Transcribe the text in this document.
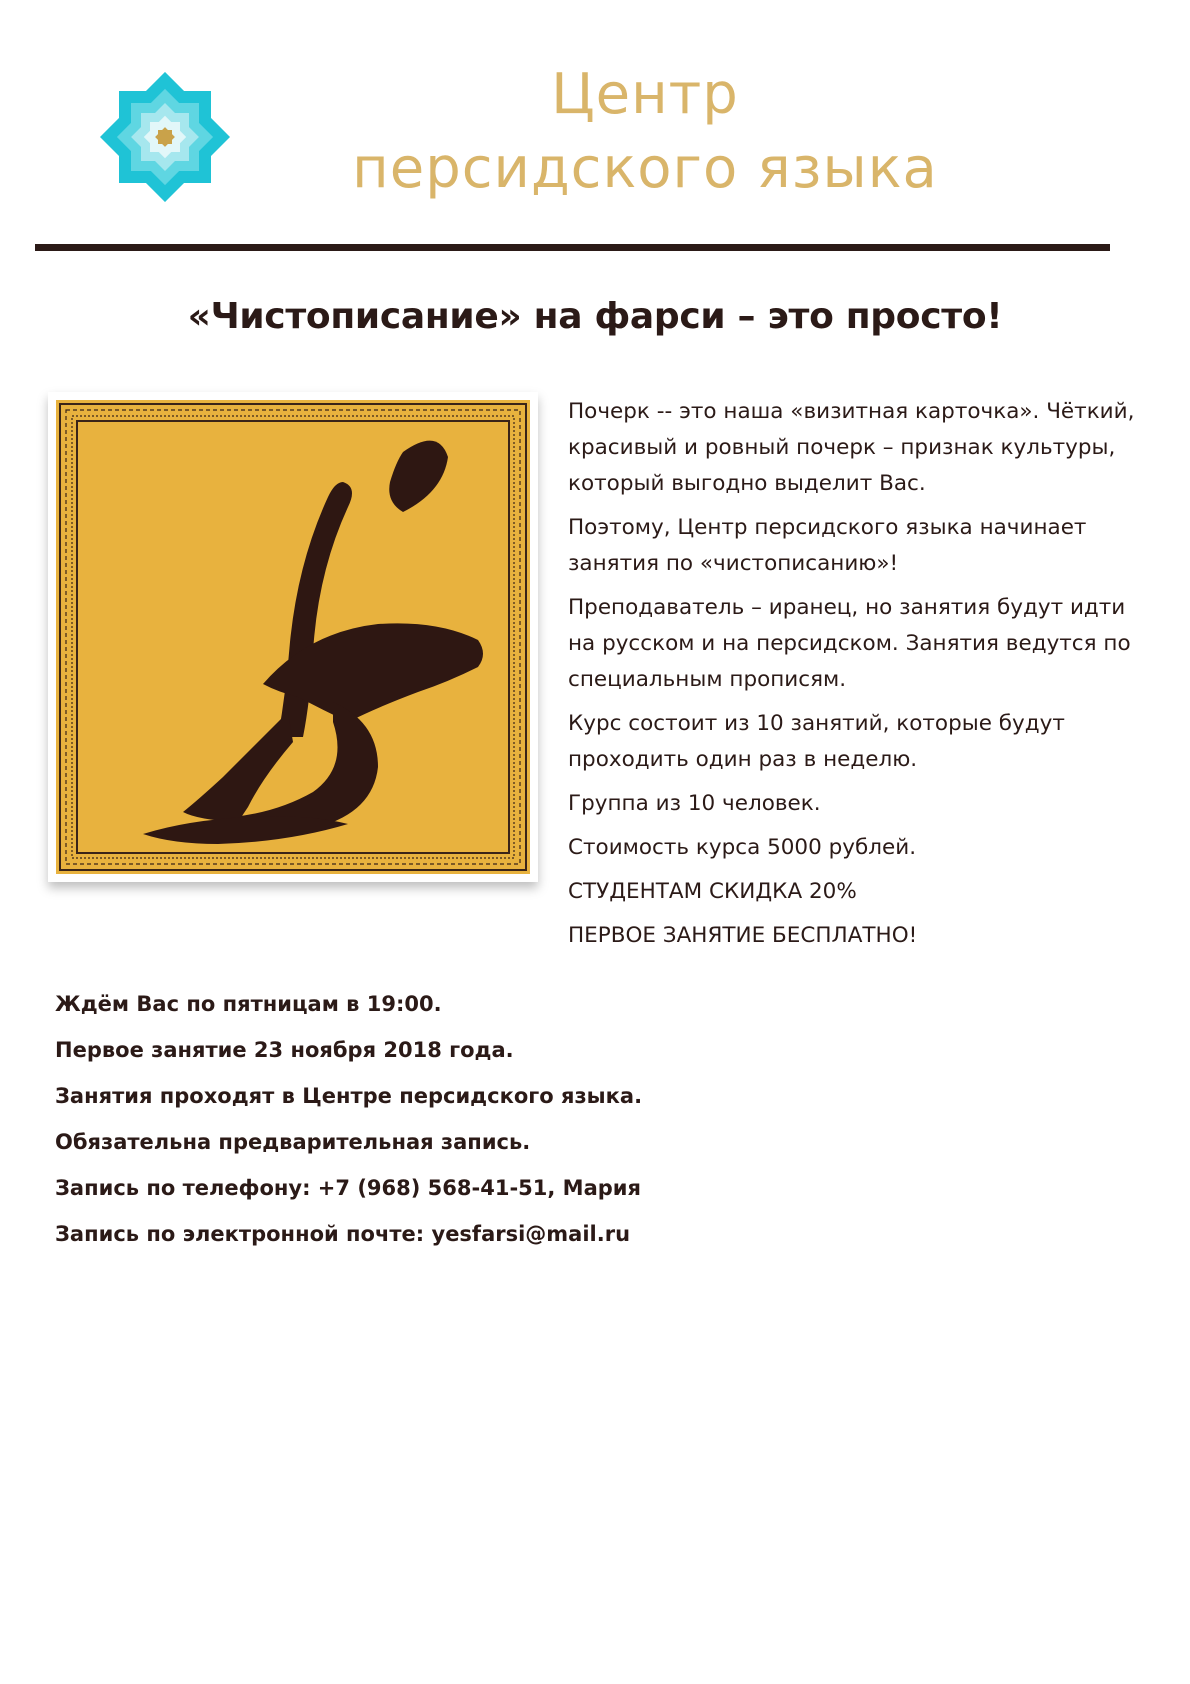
Центр
персидского языка
«Чистописание» на фарси – это просто!

Почерк -- это наша «визитная карточка». Чёткий, красивый и ровный почерк – признак культуры, который выгодно выделит Вас.

Поэтому, Центр персидского языка начинает занятия по «чистописанию»!

Преподаватель – иранец, но занятия будут идти на русском и на персидском. Занятия ведутся по специальным прописям.

Курс состоит из 10 занятий, которые будут проходить один раз в неделю.

Группа из 10 человек.

Стоимость курса 5000 рублей.

СТУДЕНТАМ СКИДКА 20%

ПЕРВОЕ ЗАНЯТИЕ БЕСПЛАТНО!

Ждём Вас по пятницам в 19:00.

Первое занятие 23 ноября 2018 года.

Занятия проходят в Центре персидского языка.

Обязательна предварительная запись.

Запись по телефону: +7 (968) 568-41-51, Мария

Запись по электронной почте: yesfarsi@mail.ru
